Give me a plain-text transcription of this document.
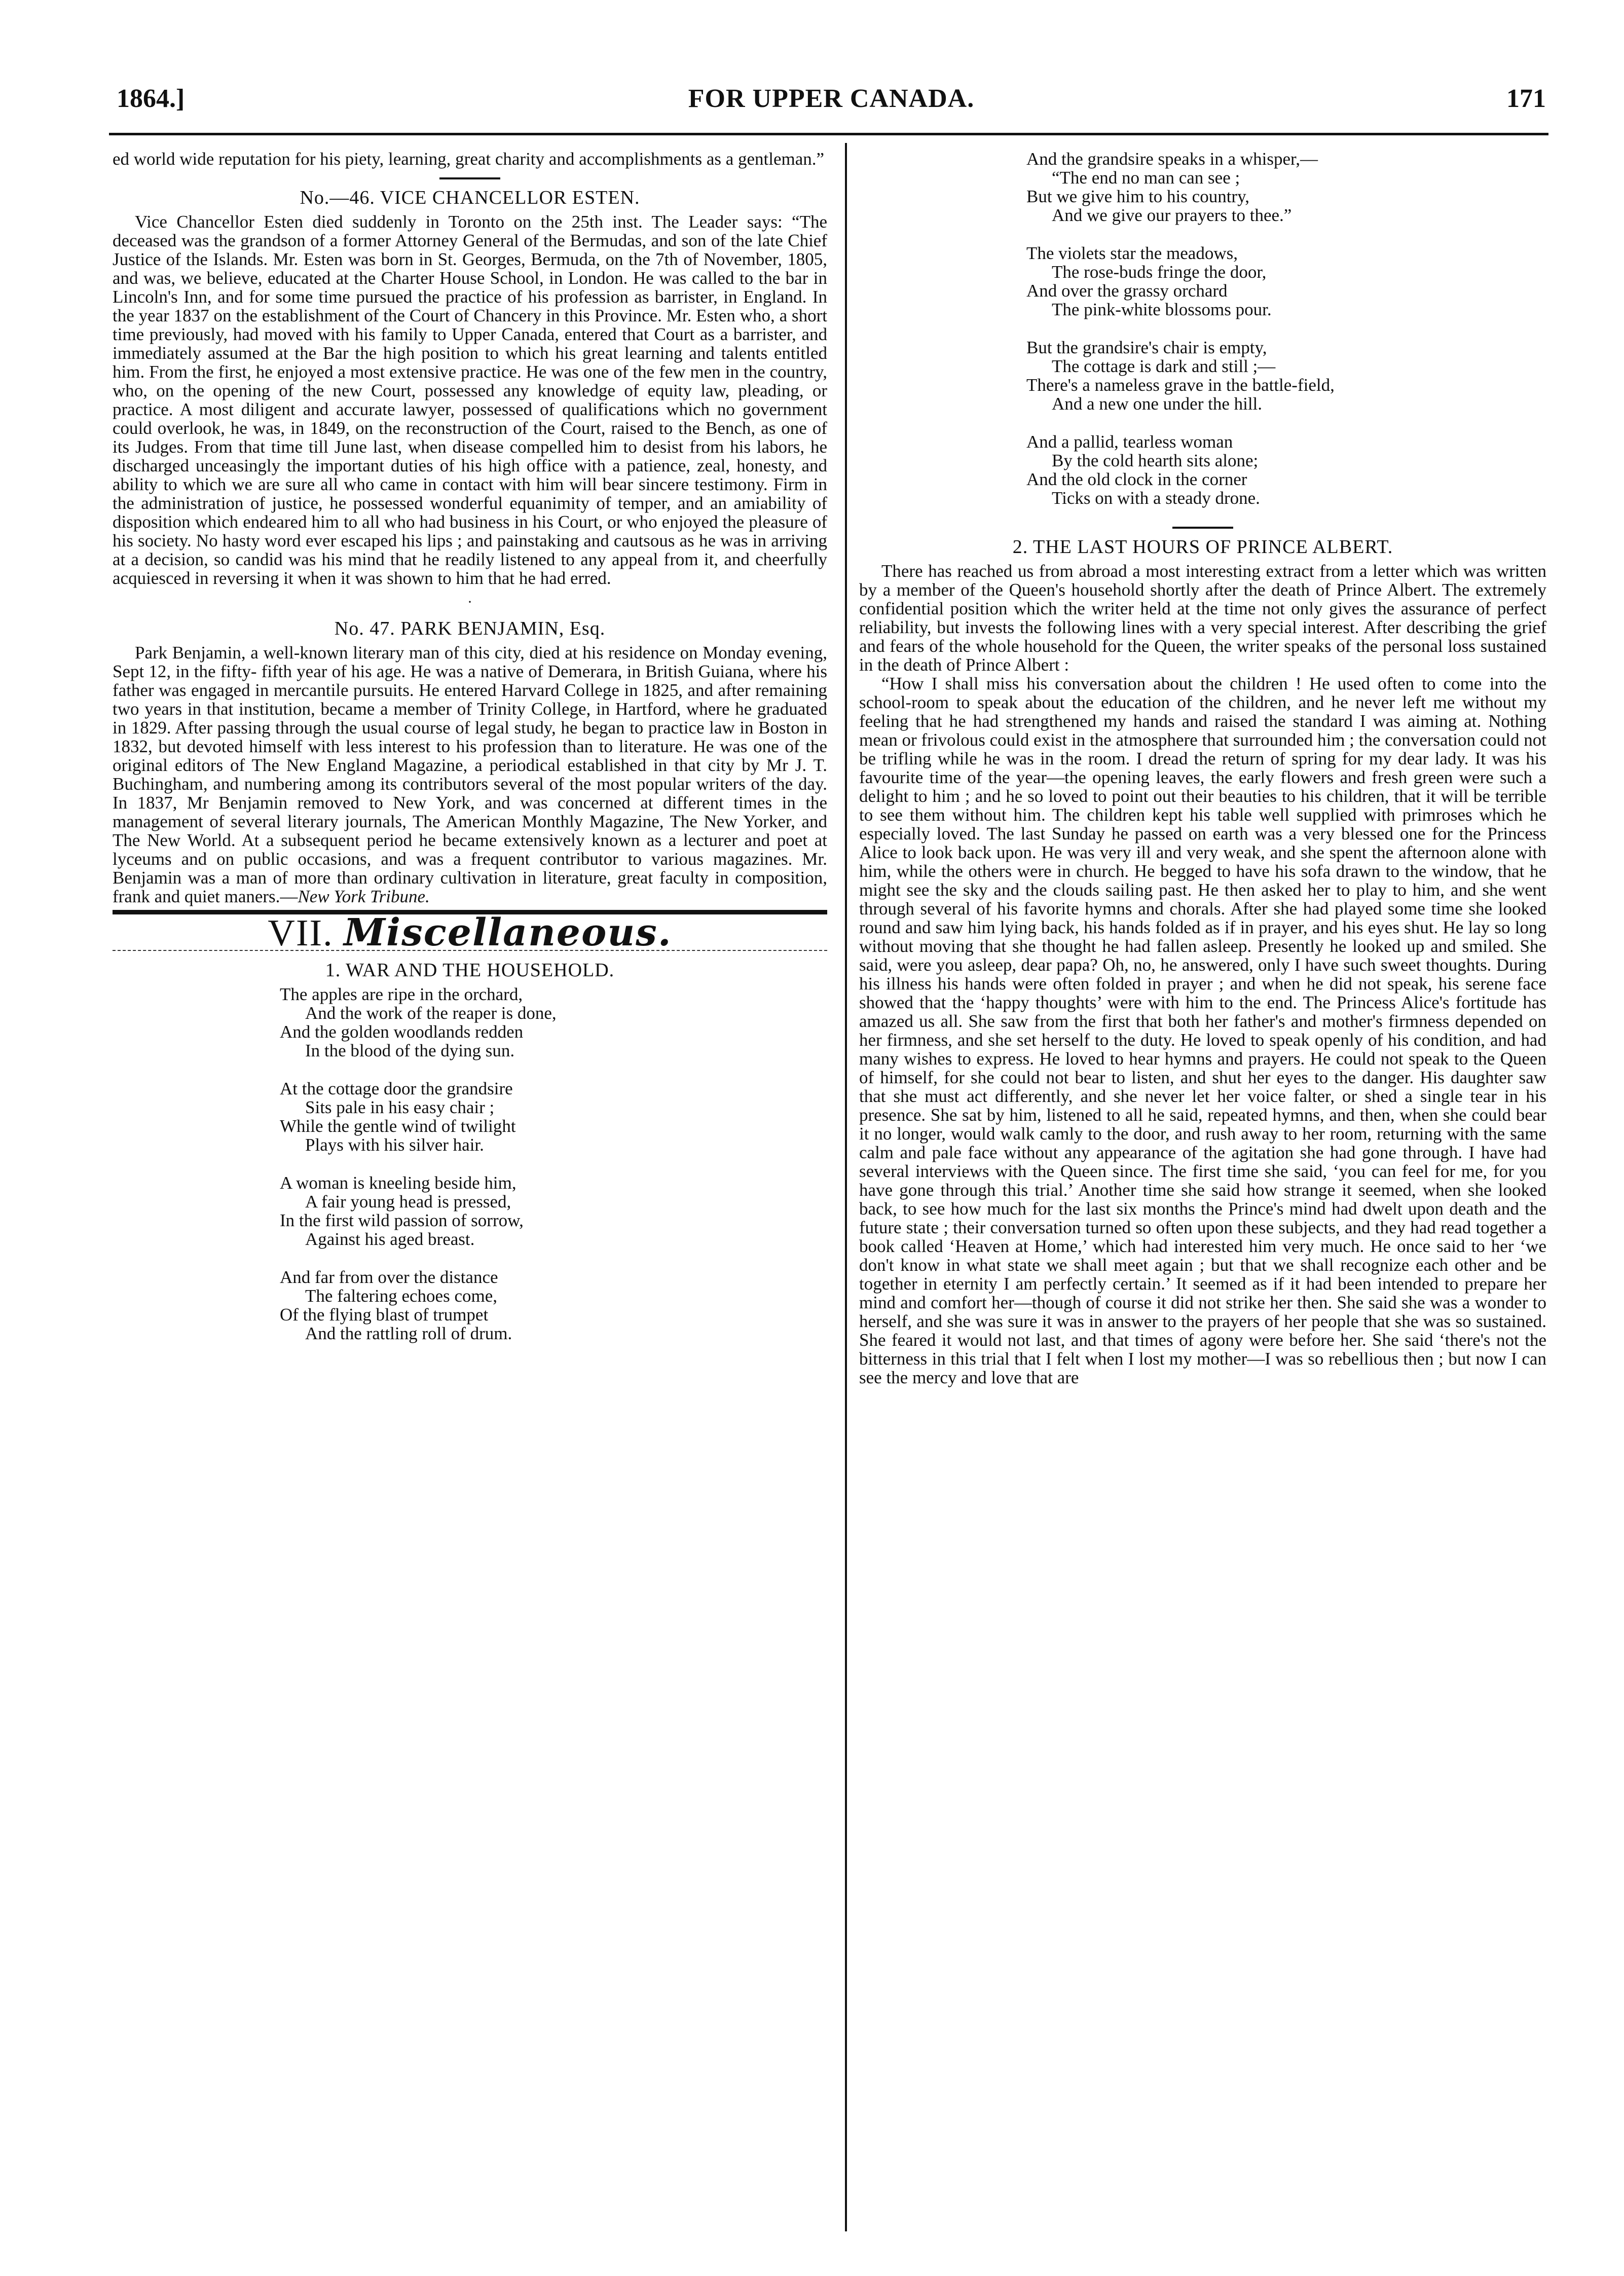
1864.]	FOR UPPER CANADA.	171

ed world wide reputation for his piety, learning, great charity and accomplishments as a gentleman.”

No.—46. VICE CHANCELLOR ESTEN.

Vice Chancellor Esten died suddenly in Toronto on the 25th inst. The Leader says: “The deceased was the grandson of a former Attorney General of the Bermudas, and son of the late Chief Justice of the Islands. Mr. Esten was born in St. Georges, Bermuda, on the 7th of November, 1805, and was, we believe, educated at the Charter House School, in London. He was called to the bar in Lincoln's Inn, and for some time pursued the practice of his profession as barrister, in England. In the year 1837 on the establishment of the Court of Chancery in this Province. Mr. Esten who, a short time previously, had moved with his family to Upper Canada, entered that Court as a barrister, and immediately assumed at the Bar the high position to which his great learning and talents entitled him. From the first, he enjoyed a most extensive practice. He was one of the few men in the country, who, on the opening of the new Court, possessed any knowledge of equity law, pleading, or practice. A most diligent and accurate lawyer, possessed of qualifications which no government could overlook, he was, in 1849, on the reconstruction of the Court, raised to the Bench, as one of its Judges. From that time till June last, when disease compelled him to desist from his labors, he discharged unceasingly the important duties of his high office with a patience, zeal, honesty, and ability to which we are sure all who came in contact with him will bear sincere testimony. Firm in the administration of justice, he possessed wonderful equanimity of temper, and an amiability of disposition which endeared him to all who had business in his Court, or who enjoyed the pleasure of his society. No hasty word ever escaped his lips ; and painstaking and cautsous as he was in arriving at a decision, so candid was his mind that he readily listened to any appeal from it, and cheerfully acquiesced in reversing it when it was shown to him that he had erred.

·
No. 47. PARK BENJAMIN, Esq.

Park Benjamin, a well-known literary man of this city, died at his residence on Monday evening, Sept 12, in the fifty- fifth year of his age. He was a native of Demerara, in British Guiana, where his father was engaged in mercantile pursuits. He entered Harvard College in 1825, and after remaining two years in that institution, became a member of Trinity College, in Hartford, where he graduated in 1829. After passing through the usual course of legal study, he began to practice law in Boston in 1832, but devoted himself with less interest to his profession than to literature. He was one of the original editors of The New England Magazine, a periodical established in that city by Mr J. T. Buchingham, and numbering among its contributors several of the most popular writers of the day. In 1837, Mr Benjamin removed to New York, and was concerned at different times in the management of several literary journals, The American Monthly Magazine, The New Yorker, and The New World. At a subsequent period he became extensively known as a lecturer and poet at lyceums and on public occasions, and was a frequent contributor to various magazines. Mr. Benjamin was a man of more than ordinary cultivation in literature, great faculty in composition, frank and quiet maners.—New York Tribune.

VII. Miscellaneous.
1. WAR AND THE HOUSEHOLD.
The apples are ripe in the orchard,
And the work of the reaper is done,
And the golden woodlands redden
In the blood of the dying sun.
At the cottage door the grandsire
Sits pale in his easy chair ;
While the gentle wind of twilight
Plays with his silver hair.
A woman is kneeling beside him,
A fair young head is pressed,
In the first wild passion of sorrow,
Against his aged breast.
And far from over the distance
The faltering echoes come,
Of the flying blast of trumpet
And the rattling roll of drum.
And the grandsire speaks in a whisper,—
“The end no man can see ;
But we give him to his country,
And we give our prayers to thee.”
The violets star the meadows,
The rose-buds fringe the door,
And over the grassy orchard
The pink-white blossoms pour.
But the grandsire's chair is empty,
The cottage is dark and still ;—
There's a nameless grave in the battle-field,
And a new one under the hill.
And a pallid, tearless woman
By the cold hearth sits alone;
And the old clock in the corner
Ticks on with a steady drone.
2. THE LAST HOURS OF PRINCE ALBERT.

There has reached us from abroad a most interesting extract from a letter which was written by a member of the Queen's household shortly after the death of Prince Albert. The extremely confidential position which the writer held at the time not only gives the assurance of perfect reliability, but invests the following lines with a very special interest. After describing the grief and fears of the whole household for the Queen, the writer speaks of the personal loss sustained in the death of Prince Albert :

“How I shall miss his conversation about the children ! He used often to come into the school-room to speak about the education of the children, and he never left me without my feeling that he had strengthened my hands and raised the standard I was aiming at. Nothing mean or frivolous could exist in the atmosphere that surrounded him ; the conversation could not be trifling while he was in the room. I dread the return of spring for my dear lady. It was his favourite time of the year—the opening leaves, the early flowers and fresh green were such a delight to him ; and he so loved to point out their beauties to his children, that it will be terrible to see them without him. The children kept his table well supplied with primroses which he especially loved. The last Sunday he passed on earth was a very blessed one for the Princess Alice to look back upon. He was very ill and very weak, and she spent the afternoon alone with him, while the others were in church. He begged to have his sofa drawn to the window, that he might see the sky and the clouds sailing past. He then asked her to play to him, and she went through several of his favorite hymns and chorals. After she had played some time she looked round and saw him lying back, his hands folded as if in prayer, and his eyes shut. He lay so long without moving that she thought he had fallen asleep. Presently he looked up and smiled. She said, were you asleep, dear papa? Oh, no, he answered, only I have such sweet thoughts. During his illness his hands were often folded in prayer ; and when he did not speak, his serene face showed that the ‘happy thoughts’ were with him to the end. The Princess Alice's fortitude has amazed us all. She saw from the first that both her father's and mother's firmness depended on her firmness, and she set herself to the duty. He loved to speak openly of his condition, and had many wishes to express. He loved to hear hymns and prayers. He could not speak to the Queen of himself, for she could not bear to listen, and shut her eyes to the danger. His daughter saw that she must act differently, and she never let her voice falter, or shed a single tear in his presence. She sat by him, listened to all he said, repeated hymns, and then, when she could bear it no longer, would walk camly to the door, and rush away to her room, returning with the same calm and pale face without any appearance of the agitation she had gone through. I have had several interviews with the Queen since. The first time she said, ‘you can feel for me, for you have gone through this trial.’ Another time she said how strange it seemed, when she looked back, to see how much for the last six months the Prince's mind had dwelt upon death and the future state ; their conversation turned so often upon these subjects, and they had read together a book called ‘Heaven at Home,’ which had interested him very much. He once said to her ‘we don't know in what state we shall meet again ; but that we shall recognize each other and be together in eternity I am perfectly certain.’ It seemed as if it had been intended to prepare her mind and comfort her—though of course it did not strike her then. She said she was a wonder to herself, and she was sure it was in answer to the prayers of her people that she was so sustained. She feared it would not last, and that times of agony were before her. She said ‘there's not the bitterness in this trial that I felt when I lost my mother—I was so rebellious then ; but now I can see the mercy and love that are
